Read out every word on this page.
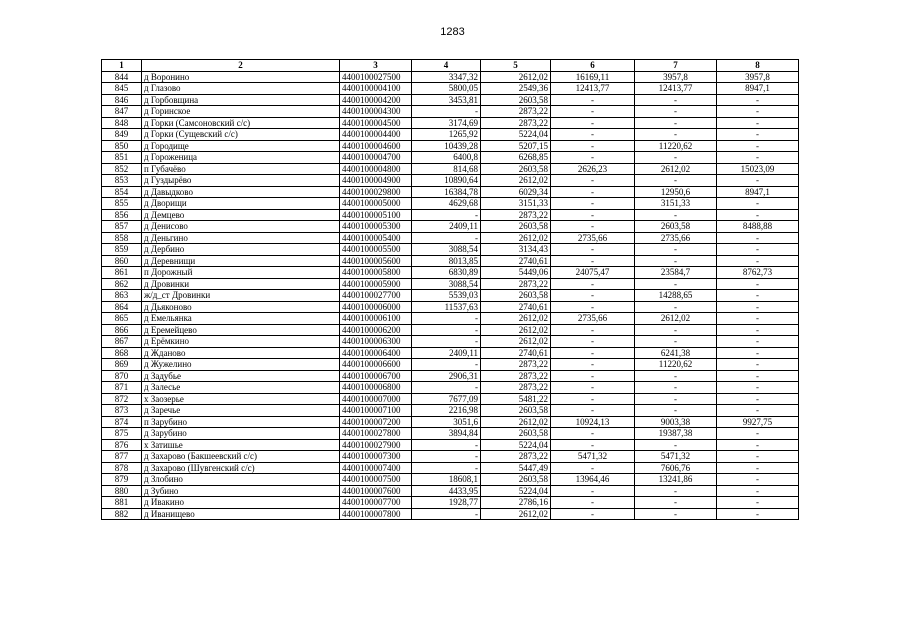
1283
1	2	3	4	5	6	7	8
844	д Воронино	4400100027500	3347,32	2612,02	16169,11	3957,8	3957,8
845	д Глазово	4400100004100	5800,05	2549,36	12413,77	12413,77	8947,1
846	д Горбовщина	4400100004200	3453,81	2603,58	-	-	-
847	д Горинское	4400100004300	-	2873,22	-	-	-
848	д Горки (Самсоновский с/с)	4400100004500	3174,69	2873,22	-	-	-
849	д Горки (Сущевский с/с)	4400100004400	1265,92	5224,04	-	-	-
850	д Городище	4400100004600	10439,28	5207,15	-	11220,62	-
851	д Гороженица	4400100004700	6400,8	6268,85	-	-	-
852	п Губачёво	4400100004800	814,68	2603,58	2626,23	2612,02	15023,09
853	д Гуздырёво	4400100004900	10890,64	2612,02	-	-	-
854	д Давыдково	4400100029800	16384,78	6029,34	-	12950,6	8947,1
855	д Дворищи	4400100005000	4629,68	3151,33	-	3151,33	-
856	д Демцево	4400100005100	-	2873,22	-	-	-
857	д Денисово	4400100005300	2409,11	2603,58	-	2603,58	8488,88
858	д Деньгино	4400100005400	-	2612,02	2735,66	2735,66	-
859	д Дербино	4400100005500	3088,54	3134,43	-	-	-
860	д Деревнищи	4400100005600	8013,85	2740,61	-	-	-
861	п Дорожный	4400100005800	6830,89	5449,06	24075,47	23584,7	8762,73
862	д Дровинки	4400100005900	3088,54	2873,22	-	-	-
863	ж/д_ст Дровинки	4400100027700	5539,03	2603,58	-	14288,65	-
864	д Дьяконово	4400100006000	11537,63	2740,61	-	-	-
865	д Емельянка	4400100006100	-	2612,02	2735,66	2612,02	-
866	д Еремейцево	4400100006200	-	2612,02	-	-	-
867	д Ерёмкино	4400100006300	-	2612,02	-	-	-
868	д Жданово	4400100006400	2409,11	2740,61	-	6241,38	-
869	д Жужелино	4400100006600	-	2873,22	-	11220,62	-
870	д Задубье	4400100006700	2906,31	2873,22	-	-	-
871	д Залесье	4400100006800	-	2873,22	-	-	-
872	х Заозерье	4400100007000	7677,09	5481,22	-	-	-
873	д Заречье	4400100007100	2216,98	2603,58	-	-	-
874	п Зарубино	4400100007200	3051,6	2612,02	10924,13	9003,38	9927,75
875	д Зарубино	4400100027800	3894,84	2603,58	-	19387,38	-
876	х Затишье	4400100027900	-	5224,04	-	-	-
877	д Захарово (Бакшеевский с/с)	4400100007300	-	2873,22	5471,32	5471,32	-
878	д Захарово (Шувгенский с/с)	4400100007400	-	5447,49	-	7606,76	-
879	д Злобино	4400100007500	18608,1	2603,58	13964,46	13241,86	-
880	д Зубино	4400100007600	4433,95	5224,04	-	-	-
881	д Ивакино	4400100007700	1928,77	2786,16	-	-	-
882	д Иванищево	4400100007800	-	2612,02	-	-	-
